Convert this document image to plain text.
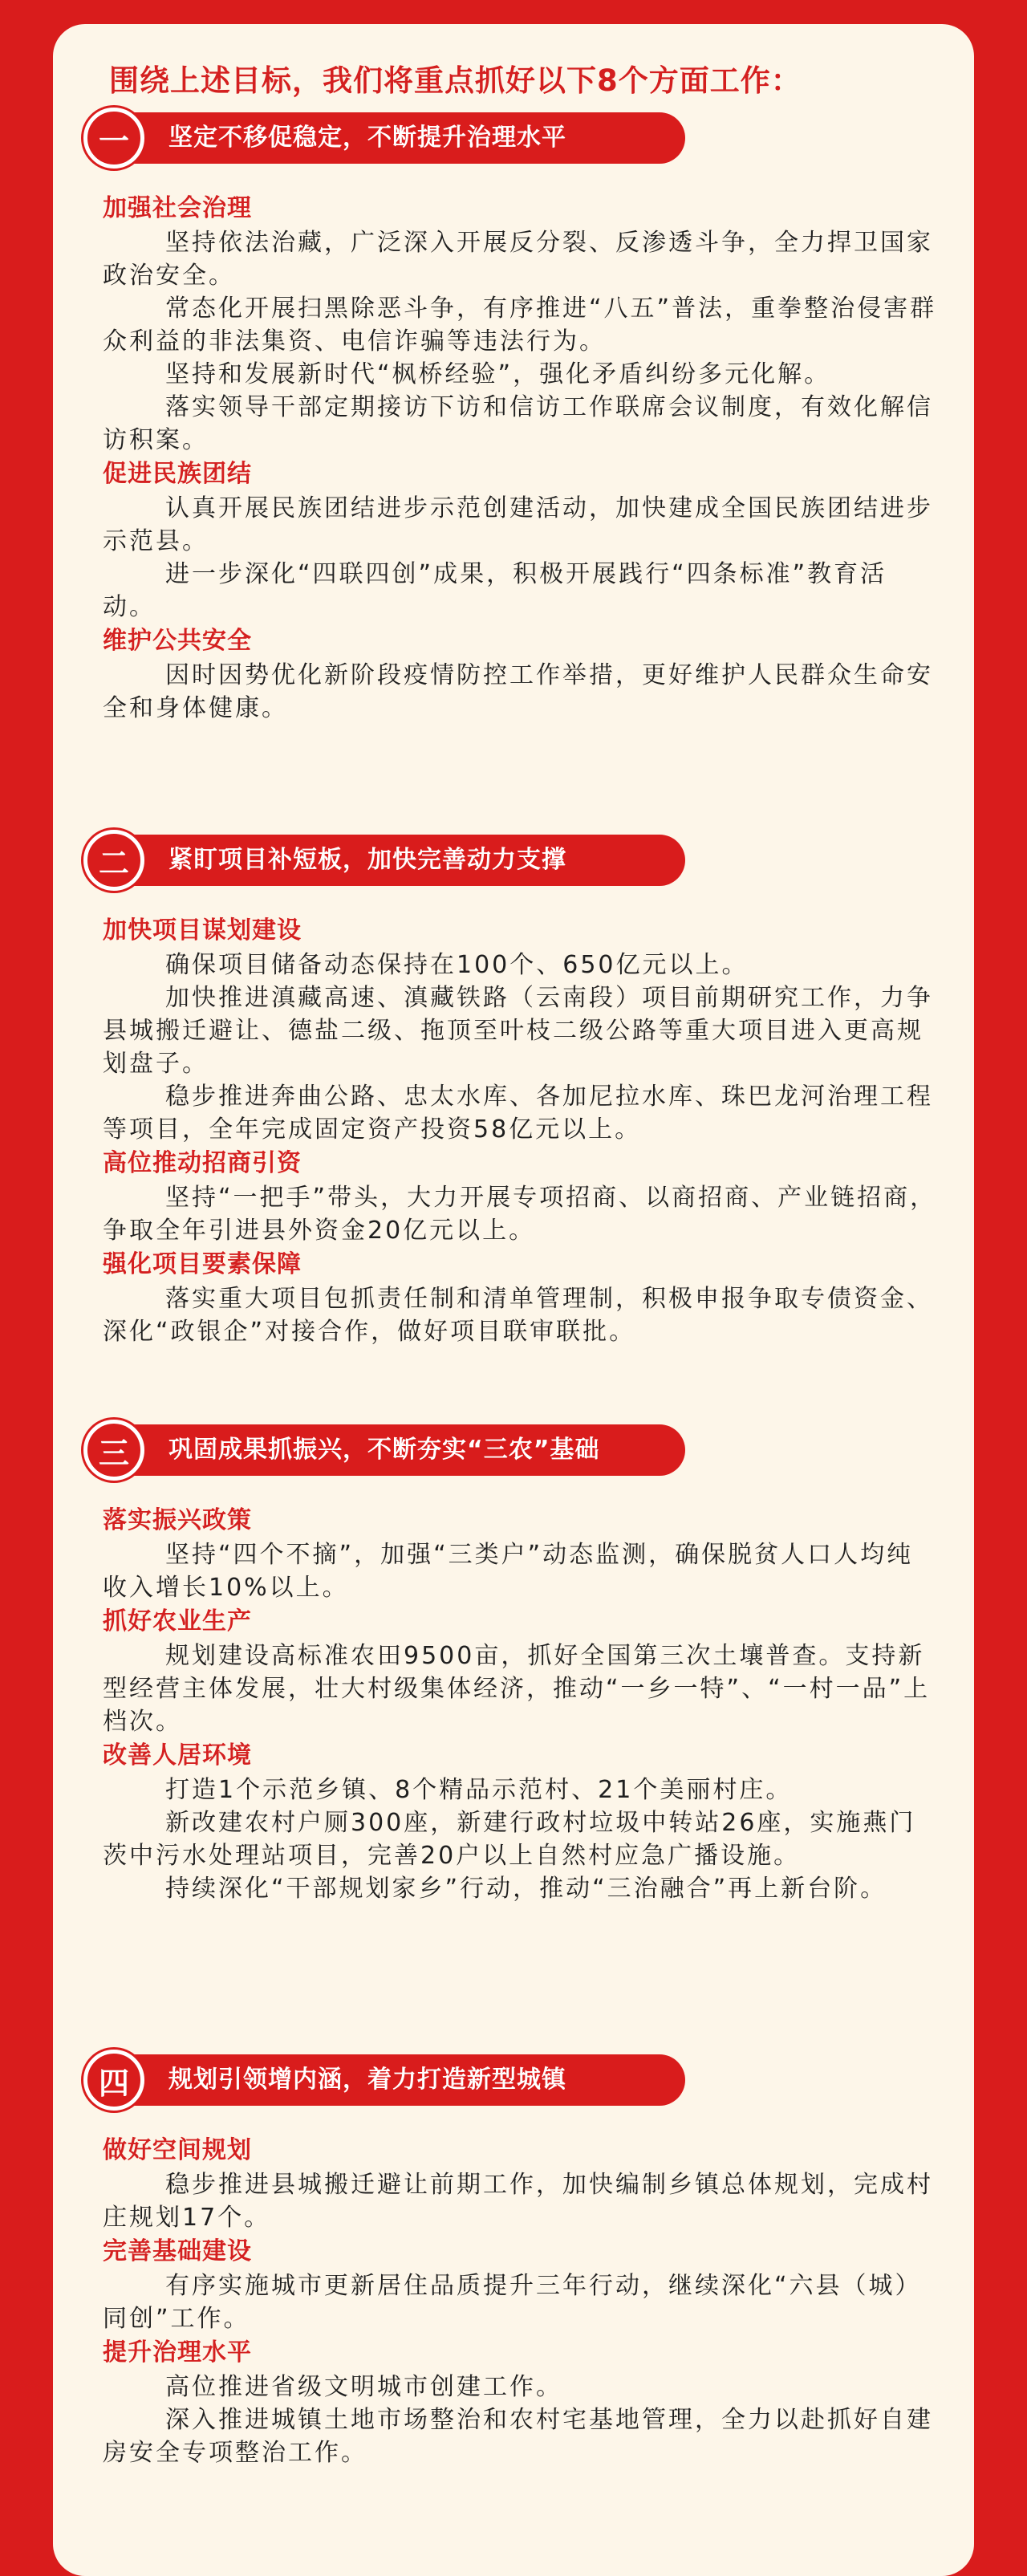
围绕上述目标，我们将重点抓好以下8个方面工作：

一	坚定不移促稳定，不断提升治理水平
加强社会治理

坚持依法治藏，广泛深入开展反分裂、反渗透斗争，全力捍卫国家政治安全。

常态化开展扫黑除恶斗争，有序推进“八五”普法，重拳整治侵害群众利益的非法集资、电信诈骗等违法行为。

坚持和发展新时代“枫桥经验”，强化矛盾纠纷多元化解。

落实领导干部定期接访下访和信访工作联席会议制度，有效化解信访积案。

促进民族团结

认真开展民族团结进步示范创建活动，加快建成全国民族团结进步示范县。

进一步深化“四联四创”成果，积极开展践行“四条标准”教育活动。

维护公共安全

因时因势优化新阶段疫情防控工作举措，更好维护人民群众生命安全和身体健康。

二	紧盯项目补短板，加快完善动力支撑
加快项目谋划建设

确保项目储备动态保持在100个、650亿元以上。

加快推进滇藏高速、滇藏铁路（云南段）项目前期研究工作，力争县城搬迁避让、德盐二级、拖顶至叶枝二级公路等重大项目进入更高规划盘子。

稳步推进奔曲公路、忠太水库、各加尼拉水库、珠巴龙河治理工程等项目，全年完成固定资产投资58亿元以上。

高位推动招商引资

坚持“一把手”带头，大力开展专项招商、以商招商、产业链招商，争取全年引进县外资金20亿元以上。

强化项目要素保障

落实重大项目包抓责任制和清单管理制，积极申报争取专债资金、深化“政银企”对接合作，做好项目联审联批。

三	巩固成果抓振兴，不断夯实“三农”基础
落实振兴政策

坚持“四个不摘”，加强“三类户”动态监测，确保脱贫人口人均纯收入增长10%以上。

抓好农业生产

规划建设高标准农田9500亩，抓好全国第三次土壤普查。支持新型经营主体发展，壮大村级集体经济，推动“一乡一特”、“一村一品”上档次。

改善人居环境

打造1个示范乡镇、8个精品示范村、21个美丽村庄。

新改建农村户厕300座，新建行政村垃圾中转站26座，实施燕门茨中污水处理站项目，完善20户以上自然村应急广播设施。

持续深化“干部规划家乡”行动，推动“三治融合”再上新台阶。

四	规划引领增内涵，着力打造新型城镇
做好空间规划

稳步推进县城搬迁避让前期工作，加快编制乡镇总体规划，完成村庄规划17个。

完善基础建设

有序实施城市更新居住品质提升三年行动，继续深化“六县（城）同创”工作。

提升治理水平

高位推进省级文明城市创建工作。

深入推进城镇土地市场整治和农村宅基地管理，全力以赴抓好自建房安全专项整治工作。
